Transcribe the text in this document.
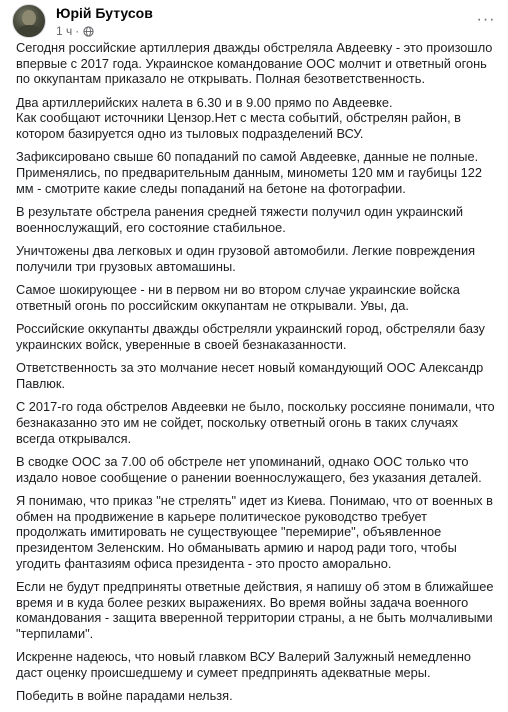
Юрій Бутусов
1 ч ·
···

Сегодня российские артиллерия дважды обстреляла Авдеевку - это произошло впервые с 2017 года. Украинское командование ООС молчит и ответный огонь по оккупантам приказало не открывать. Полная безответственность.

Два артиллерийских налета в 6.30 и в 9.00 прямо по Авдеевке.
Как сообщают источники Цензор.Нет с места событий, обстрелян район, в котором базируется одно из тыловых подразделений ВСУ.

Зафиксировано свыше 60 попаданий по самой Авдеевке, данные не полные. Применялись, по предварительным данным, минометы 120 мм и гаубицы 122 мм - смотрите какие следы попаданий на бетоне на фотографии.

В результате обстрела ранения средней тяжести получил один украинский военнослужащий, его состояние стабильное.

Уничтожены два легковых и один грузовой автомобили. Легкие повреждения получили три грузовых автомашины.

Самое шокирующее - ни в первом ни во втором случае украинские войска ответный огонь по российским оккупантам не открывали. Увы, да.

Российские оккупанты дважды обстреляли украинский город, обстреляли базу украинских войск, уверенные в своей безнаказанности.

Ответственность за это молчание несет новый командующий ООС Александр Павлюк.

С 2017-го года обстрелов Авдеевки не было, поскольку россияне понимали, что безнаказанно это им не сойдет, поскольку ответный огонь в таких случаях всегда открывался.

В сводке ООС за 7.00 об обстреле нет упоминаний, однако ООС только что издало новое сообщение о ранении военнослужащего, без указания деталей.

Я понимаю, что приказ "не стрелять" идет из Киева. Понимаю, что от военных в обмен на продвижение в карьере политическое руководство требует продолжать имитировать не существующее "перемирие", объявленное президентом Зеленским. Но обманывать армию и народ ради того, чтобы угодить фантазиям офиса президента - это просто аморально.

Если не будут предприняты ответные действия, я напишу об этом в ближайшее время и в куда более резких выражениях. Во время войны задача военного командования - защита вверенной территории страны, а не быть молчаливыми "терпилами".

Искренне надеюсь, что новый главком ВСУ Валерий Залужный немедленно даст оценку происшедшему и сумеет предпринять адекватные меры.

Победить в войне парадами нельзя.
